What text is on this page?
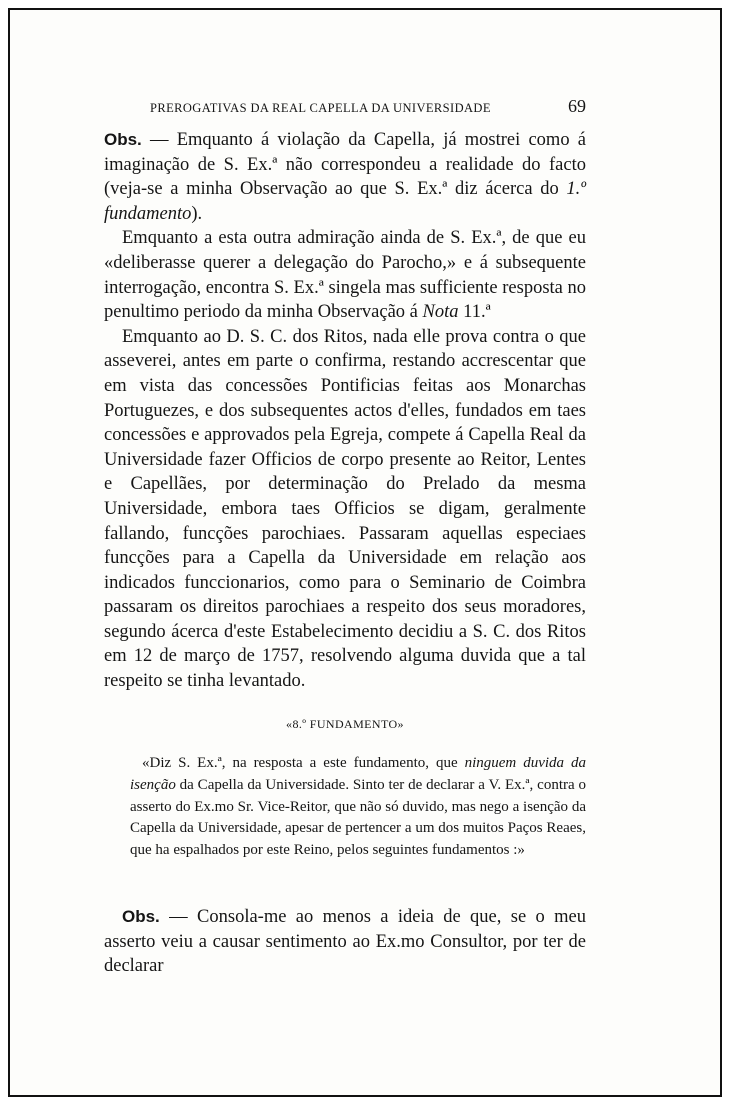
PREROGATIVAS DA REAL CAPELLA DA UNIVERSIDADE	69

Obs. — Emquanto á violação da Capella, já mostrei como á imaginação de S. Ex.ª não correspondeu a realidade do facto (veja-se a minha Observação ao que S. Ex.ª diz ácerca do 1.º fundamento).

Emquanto a esta outra admiração ainda de S. Ex.ª, de que eu «deliberasse querer a delegação do Parocho,» e á subsequente interrogação, encontra S. Ex.ª singela mas sufficiente resposta no penultimo periodo da minha Observação á Nota 11.ª

Emquanto ao D. S. C. dos Ritos, nada elle prova contra o que asseverei, antes em parte o confirma, restando accrescentar que em vista das concessões Pontificias feitas aos Monarchas Portuguezes, e dos subsequentes actos d'elles, fundados em taes concessões e approvados pela Egreja, compete á Capella Real da Universidade fazer Officios de corpo presente ao Reitor, Lentes e Capellães, por determinação do Prelado da mesma Universidade, embora taes Officios se digam, geralmente fallando, funcções parochiaes. Passaram aquellas especiaes funcções para a Capella da Universidade em relação aos indicados funccionarios, como para o Seminario de Coimbra passaram os direitos parochiaes a respeito dos seus moradores, segundo ácerca d'este Estabelecimento decidiu a S. C. dos Ritos em 12 de março de 1757, resolvendo alguma duvida que a tal respeito se tinha levantado.

«8.º FUNDAMENTO»

«Diz S. Ex.ª, na resposta a este fundamento, que ninguem duvida da isenção da Capella da Universidade. Sinto ter de declarar a V. Ex.ª, contra o asserto do Ex.mo Sr. Vice-Reitor, que não só duvido, mas nego a isenção da Capella da Universidade, apesar de pertencer a um dos muitos Paços Reaes, que ha espalhados por este Reino, pelos seguintes fundamentos :»

Obs. — Consola-me ao menos a ideia de que, se o meu asserto veiu a causar sentimento ao Ex.mo Consultor, por ter de declarar
